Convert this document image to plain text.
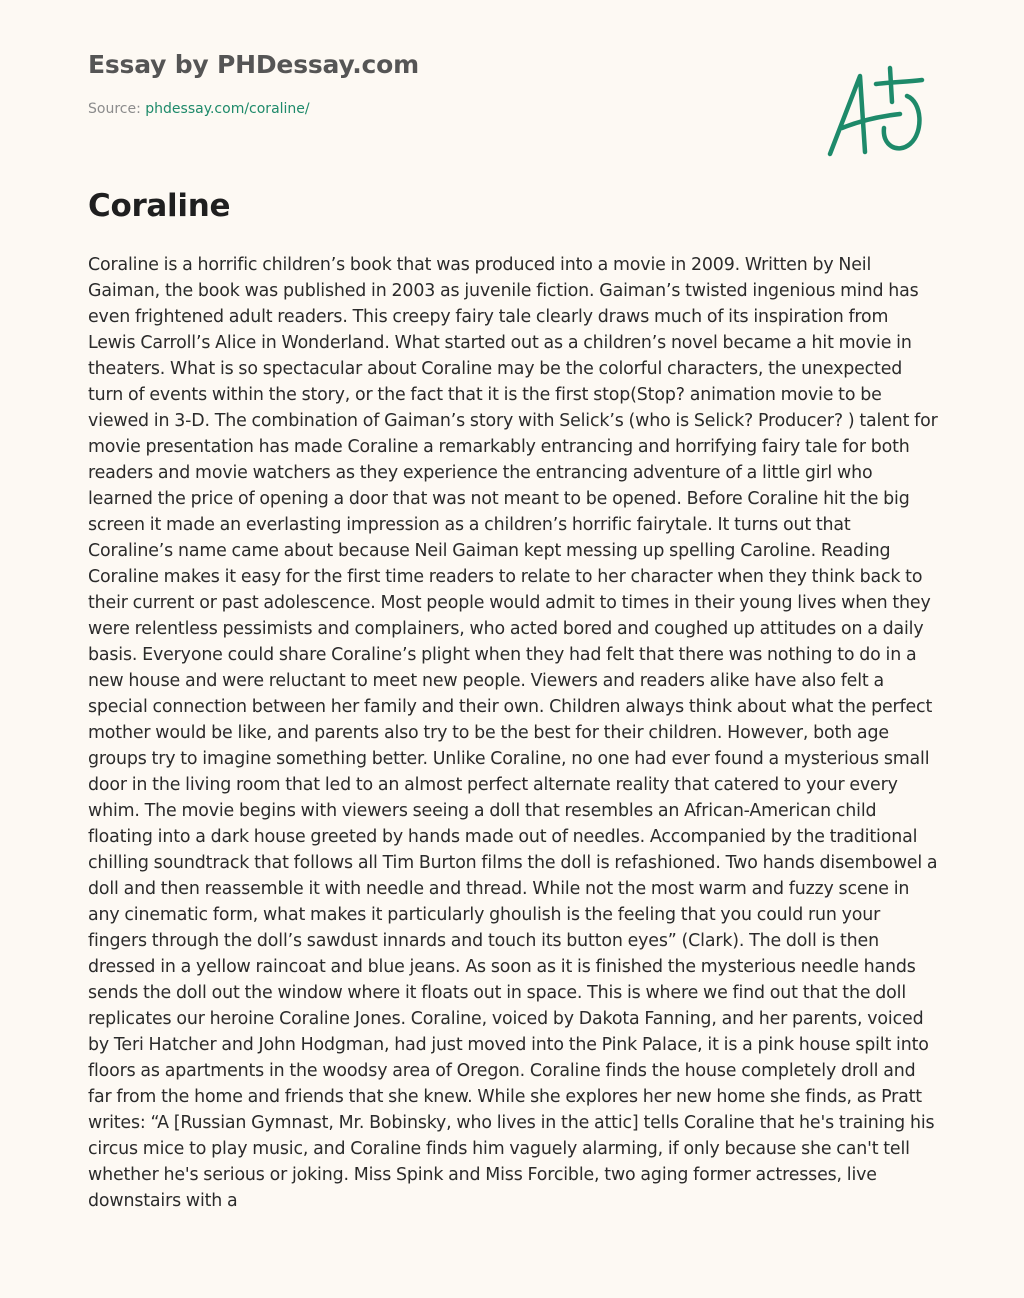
Essay by PHDessay.com
Source: phdessay.com/coraline/
Coraline

Coraline is a horrific children’s book that was produced into a movie in 2009. Written by Neil Gaiman, the book was published in 2003 as juvenile fiction. Gaiman’s twisted ingenious mind has even frightened adult readers. This creepy fairy tale clearly draws much of its inspiration from Lewis Carroll’s Alice in Wonderland. What started out as a children’s novel became a hit movie in theaters. What is so spectacular about Coraline may be the colorful characters, the unexpected turn of events within the story, or the fact that it is the first stop(Stop? animation movie to be viewed in 3-D. The combination of Gaiman’s story with Selick’s (who is Selick? Producer? ) talent for movie presentation has made Coraline a remarkably entrancing and horrifying fairy tale for both readers and movie watchers as they experience the entrancing adventure of a little girl who learned the price of opening a door that was not meant to be opened. Before Coraline hit the big screen it made an everlasting impression as a children’s horrific fairytale. It turns out that Coraline’s name came about because Neil Gaiman kept messing up spelling Caroline. Reading Coraline makes it easy for the first time readers to relate to her character when they think back to their current or past adolescence. Most people would admit to times in their young lives when they were relentless pessimists and complainers, who acted bored and coughed up attitudes on a daily basis. Everyone could share Coraline’s plight when they had felt that there was nothing to do in a new house and were reluctant to meet new people. Viewers and readers alike have also felt a special connection between her family and their own. Children always think about what the perfect mother would be like, and parents also try to be the best for their children. However, both age groups try to imagine something better. Unlike Coraline, no one had ever found a mysterious small door in the living room that led to an almost perfect alternate reality that catered to your every whim. The movie begins with viewers seeing a doll that resembles an African-American child floating into a dark house greeted by hands made out of needles. Accompanied by the traditional chilling soundtrack that follows all Tim Burton films the doll is refashioned. Two hands disembowel a doll and then reassemble it with needle and thread. While not the most warm and fuzzy scene in any cinematic form, what makes it particularly ghoulish is the feeling that you could run your fingers through the doll’s sawdust innards and touch its button eyes” (Clark). The doll is then dressed in a yellow raincoat and blue jeans. As soon as it is finished the mysterious needle hands sends the doll out the window where it floats out in space. This is where we find out that the doll replicates our heroine Coraline Jones. Coraline, voiced by Dakota Fanning, and her parents, voiced by Teri Hatcher and John Hodgman, had just moved into the Pink Palace, it is a pink house spilt into floors as apartments in the woodsy area of Oregon. Coraline finds the house completely droll and far from the home and friends that she knew. While she explores her new home she finds, as Pratt writes: “A [Russian Gymnast, Mr. Bobinsky, who lives in the attic] tells Coraline that he's training his circus mice to play music, and Coraline finds him vaguely alarming, if only because she can't tell whether he's serious or joking. Miss Spink and Miss Forcible, two aging former actresses, live downstairs with a
